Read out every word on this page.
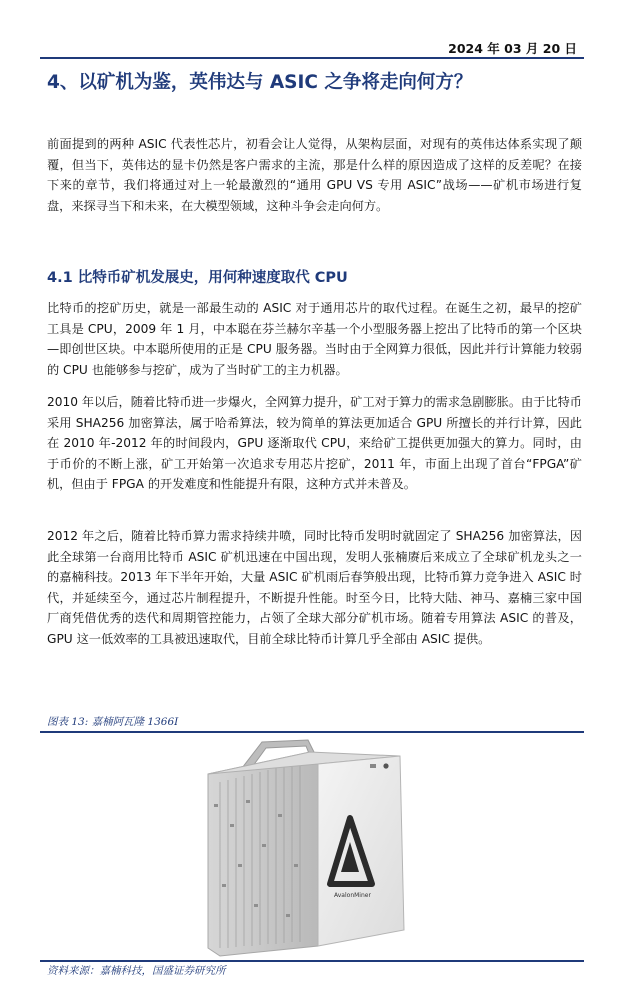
2024 年 03 月 20 日
4、以矿机为鉴，英伟达与 ASIC 之争将走向何方？

前面提到的两种 ASIC 代表性芯片，初看会让人觉得，从架构层面，对现有的英伟达体系实现了颠覆，但当下，英伟达的显卡仍然是客户需求的主流，那是什么样的原因造成了这样的反差呢？在接下来的章节，我们将通过对上一轮最激烈的“通用 GPU VS 专用 ASIC”战场——矿机市场进行复盘，来探寻当下和未来，在大模型领域，这种斗争会走向何方。

4.1 比特币矿机发展史，用何种速度取代 CPU

比特币的挖矿历史，就是一部最生动的 ASIC 对于通用芯片的取代过程。在诞生之初，最早的挖矿工具是 CPU，2009 年 1 月，中本聪在芬兰赫尔辛基一个小型服务器上挖出了比特币的第一个区块—即创世区块。中本聪所使用的正是 CPU 服务器。当时由于全网算力很低，因此并行计算能力较弱的 CPU 也能够参与挖矿，成为了当时矿工的主力机器。

2010 年以后，随着比特币进一步爆火，全网算力提升，矿工对于算力的需求急剧膨胀。由于比特币采用 SHA256 加密算法，属于哈希算法，较为简单的算法更加适合 GPU 所擅长的并行计算，因此在 2010 年-2012 年的时间段内，GPU 逐渐取代 CPU，来给矿工提供更加强大的算力。同时，由于币价的不断上涨，矿工开始第一次追求专用芯片挖矿，2011 年，市面上出现了首台“FPGA”矿机，但由于 FPGA 的开发难度和性能提升有限，这种方式并未普及。

2012 年之后，随着比特币算力需求持续井喷，同时比特币发明时就固定了 SHA256 加密算法，因此全球第一台商用比特币 ASIC 矿机迅速在中国出现，发明人张楠赓后来成立了全球矿机龙头之一的嘉楠科技。2013 年下半年开始，大量 ASIC 矿机雨后春笋般出现，比特币算力竞争进入 ASIC 时代，并延续至今，通过芯片制程提升，不断提升性能。时至今日，比特大陆、神马、嘉楠三家中国厂商凭借优秀的迭代和周期管控能力，占领了全球大部分矿机市场。随着专用算法 ASIC 的普及，GPU 这一低效率的工具被迅速取代，目前全球比特币计算几乎全部由 ASIC 提供。

图表 13: 嘉楠阿瓦隆 1366I
AvalonMiner
资料来源：嘉楠科技，国盛证券研究所
